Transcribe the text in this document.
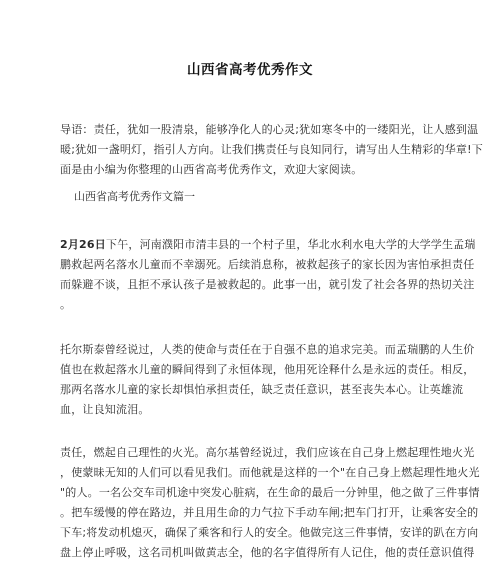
山西省高考优秀作文
导语：责任，犹如一股清泉，能够净化人的心灵;犹如寒冬中的一缕阳光，让人感到温
暖;犹如一盏明灯，指引人方向。让我们携责任与良知同行，请写出人生精彩的华章!下
面是由小编为你整理的山西省高考优秀作文，欢迎大家阅读。
山西省高考优秀作文篇一
2月26日下午，河南濮阳市清丰县的一个村子里，华北水利水电大学的大学学生孟瑞
鹏救起两名落水儿童而不幸溺死。后续消息称，被救起孩子的家长因为害怕承担责任
而躲避不谈，且拒不承认孩子是被救起的。此事一出，就引发了社会各界的热切关注
。
托尔斯泰曾经说过，人类的使命与责任在于自强不息的追求完美。而孟瑞鹏的人生价
值也在救起落水儿童的瞬间得到了永恒体现，他用死诠释什么是永远的责任。相反，
那两名落水儿童的家长却惧怕承担责任，缺乏责任意识，甚至丧失本心。让英雄流
血，让良知流泪。
责任，燃起自己理性的火光。高尔基曾经说过，我们应该在自己身上燃起理性地火光
，使蒙昧无知的人们可以看见我们。而他就是这样的一个"在自己身上燃起理性地火光
"的人。一名公交车司机途中突发心脏病，在生命的最后一分钟里，他之做了三件事情
。把车缓慢的停在路边，并且用生命的力气拉下手动车闸;把车门打开，让乘客安全的
下车;将发动机熄灭，确保了乘客和行人的安全。他做完这三件事情，安详的趴在方向
盘上停止呼吸，这名司机叫做黄志全，他的名字值得所有人记住，他的责任意识值得
